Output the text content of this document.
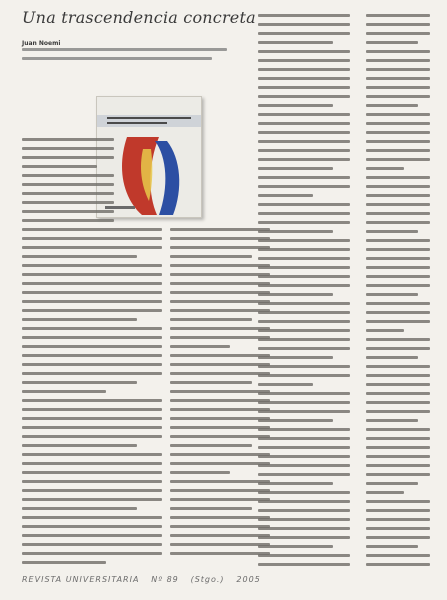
Una trascendencia concreta
Juan Noemi
REVISTA UNIVERSITARIA Nº 89 (Stgo.) 2005
